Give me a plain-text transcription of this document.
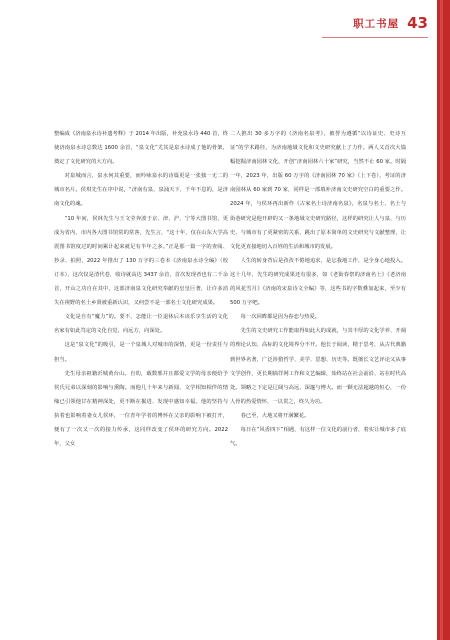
职工书屋 43

整编成《济南泉水诗补遗考释》于 2014 年出版，补充泉水诗 440 首，终使济南泉水诗总数达 1600 余首，“泉文化”尤其是泉水诗成了他的骨架，奠定了文化研究的大方向。

对泉城而言，泉水何其重要，而吟咏泉水的诗篇更是一张独一无二的城市名片。侯琪先生在序中说，“济南有泉，泉涌天下，千年不息的，是济南文化的魂。

”10 年间，侯林先生与王文莹奔波于京、津、沪、宁等大图书馆，更成为省内、市内各大图书馆常的常客，先生言，“这十年，仅在山东大学高震图书馆度过的时间累计起来就足有半年之多。”正是那一篇一字的查阅、抄录、拍照，2022 年推出了 130 万字的三卷本《济南泉水诗全编》（校订本），这次仅是清代卷，收诗就高达 3437 余首，首次发现者也有二千余首，开山之功自在其中，这部济南泉文化研究奉献的皇皇巨著，让许多消失在视野的名士乡贤被重新认识，又何尝不是一部名士文化研究成果。

文化是自有“魔力”的。要不，怎能让一位退休后本该乐享生活的文化名家有如此笃定的文化自觉，向远方，向深处。

这是“泉文化”的吸引，是一个泉城人对城市的深情，更是一份责任与担当。

先生母亲祖籍沂城黄台山。自幼，载数邢并且都爱文学的母亲便给予侯氏兄弟以深刻的影响与熏陶。而他几十年来与新闻、文学相知相伴的情缘已引领他甘在精神深处，更不断在掘进、发现中感知幸福。他的坚持与执着也影响着妻女儿侯环，一位青年学者的博怀在父亲的影响下被打开，便有了一次又一次的接力传承，这同样改变了侯环的研究方向。2022 年，父女

二人推出 30 多万字的《济南名泉考》，被誉为遵循“以诗证史、史诗互证”的学术路径，为济南地域文化和文史研究献上了力作。两人又首次大篇幅挖掘济南园林文化，开创“济南园林六十家”研究，当然不止 60 家。时隔一年，2023 年，出版 60 万字的《济南园林 70 家》（上下卷），考证的济南园林从 60 家到 70 家，同样是一部填补济南文史研究空白的重要之作。2024 年，与侯环再出新作《古家名士诗济南名泉》，名泉与名士、名士与街巷研究是他开辟的又一条地域文史研究路径，这样的研究让人与泉、与历史、与城市有了更紧密的关系，跳出了原本简单的文史研究与文献整理，让文化更直接地切入百姓的生活和城市的发展。

人生的转身背后是孜孜不倦地追求，是忘我地工作，是全身心地投入。这十几年，先生的研究成果还有很多，如《老街春祭的济南名士》《老济南的风花雪月》《济南的宋泉诗文全编》等，这些书的字数叠加起来，至少有 500 万字吧。

每一次回眸都是因为眷恋与热爱。

先生的文史研究工作能取得如此大的成就，与其丰厚的文化学养、开阔的理论认知、高标的文化境界分不开。他长于阅读，精于思考，从古代典籍到世界名著，广泛涉猎哲学、美学、思想、历史等。既擅长文艺评论又从事文学创作，更长期徜徉网工作和文艺编辑，始终站在社会前沿、站在时代高处。领略之下定是辽阔与高远、深邃与博大。而一颗无法超越的恒心，一份人骨的热爱情怀，一以贯之，终久为功。

春已至，大地又将开满繁花。

每日在“风香四下”相遇，有这样一位文化的前行者，着实让城市多了底气。
